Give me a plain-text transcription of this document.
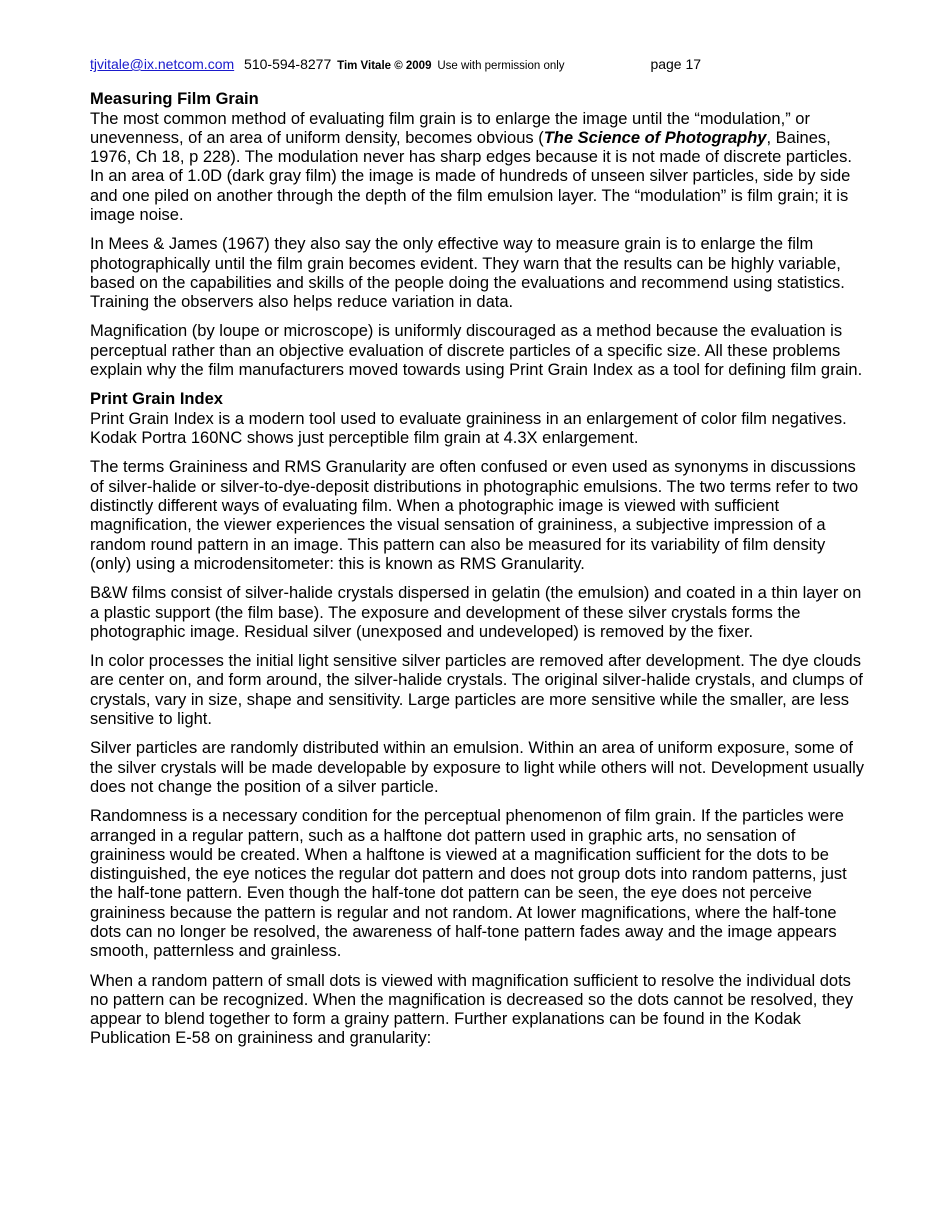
tjvitale@ix.netcom.com 510-594-8277 Tim Vitale © 2009 Use with permission only	page 17
Measuring Film Grain

The most common method of evaluating film grain is to enlarge the image until the “modulation,” or unevenness, of an area of uniform density, becomes obvious (The Science of Photography, Baines, 1976, Ch 18, p 228). The modulation never has sharp edges because it is not made of discrete particles. In an area of 1.0D (dark gray film) the image is made of hundreds of unseen silver particles, side by side and one piled on another through the depth of the film emulsion layer. The “modulation” is film grain; it is image noise.

In Mees & James (1967) they also say the only effective way to measure grain is to enlarge the film photographically until the film grain becomes evident. They warn that the results can be highly variable, based on the capabilities and skills of the people doing the evaluations and recommend using statistics. Training the observers also helps reduce variation in data.

Magnification (by loupe or microscope) is uniformly discouraged as a method because the evaluation is perceptual rather than an objective evaluation of discrete particles of a specific size. All these problems explain why the film manufacturers moved towards using Print Grain Index as a tool for defining film grain.

Print Grain Index

Print Grain Index is a modern tool used to evaluate graininess in an enlargement of color film negatives. Kodak Portra 160NC shows just perceptible film grain at 4.3X enlargement.

The terms Graininess and RMS Granularity are often confused or even used as synonyms in discussions of silver-halide or silver-to-dye-deposit distributions in photographic emulsions. The two terms refer to two distinctly different ways of evaluating film. When a photographic image is viewed with sufficient magnification, the viewer experiences the visual sensation of graininess, a subjective impression of a random round pattern in an image. This pattern can also be measured for its variability of film density (only) using a microdensitometer: this is known as RMS Granularity.

B&W films consist of silver-halide crystals dispersed in gelatin (the emulsion) and coated in a thin layer on a plastic support (the film base). The exposure and development of these silver crystals forms the photographic image. Residual silver (unexposed and undeveloped) is removed by the fixer.

In color processes the initial light sensitive silver particles are removed after development. The dye clouds are center on, and form around, the silver-halide crystals. The original silver-halide crystals, and clumps of crystals, vary in size, shape and sensitivity. Large particles are more sensitive while the smaller, are less sensitive to light.

Silver particles are randomly distributed within an emulsion. Within an area of uniform exposure, some of the silver crystals will be made developable by exposure to light while others will not. Development usually does not change the position of a silver particle.

Randomness is a necessary condition for the perceptual phenomenon of film grain. If the particles were arranged in a regular pattern, such as a halftone dot pattern used in graphic arts, no sensation of graininess would be created. When a halftone is viewed at a magnification sufficient for the dots to be distinguished, the eye notices the regular dot pattern and does not group dots into random patterns, just the half-tone pattern. Even though the half-tone dot pattern can be seen, the eye does not perceive graininess because the pattern is regular and not random. At lower magnifications, where the half-tone dots can no longer be resolved, the awareness of half-tone pattern fades away and the image appears smooth, patternless and grainless.

When a random pattern of small dots is viewed with magnification sufficient to resolve the individual dots no pattern can be recognized. When the magnification is decreased so the dots cannot be resolved, they appear to blend together to form a grainy pattern. Further explanations can be found in the Kodak Publication E-58 on graininess and granularity:
